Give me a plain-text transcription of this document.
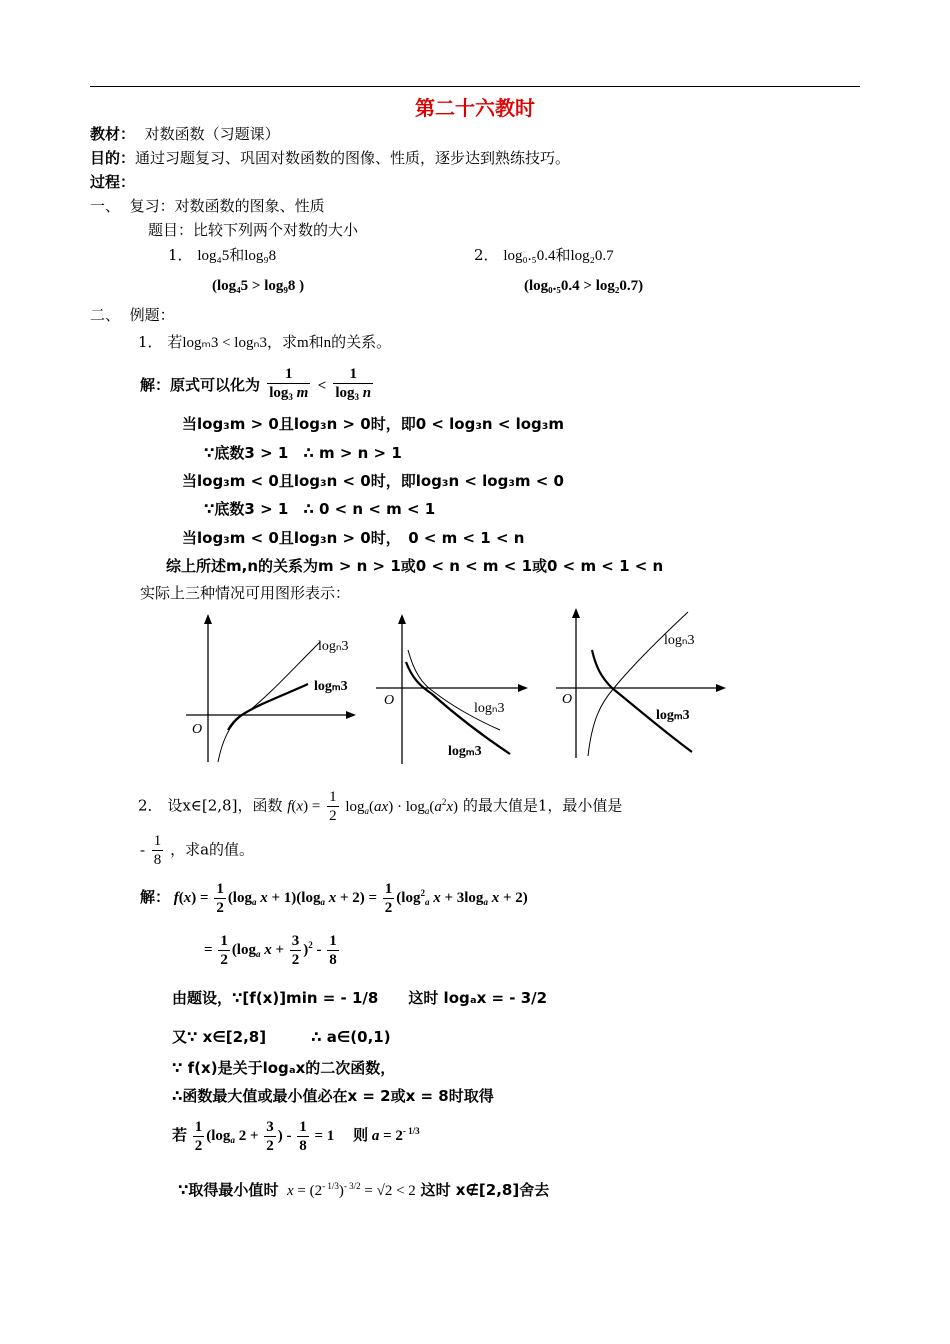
第二十六教时
教材： 对数函数（习题课）
目的：通过习题复习、巩固对数函数的图像、性质，逐步达到熟练技巧。
过程：
一、 复习：对数函数的图象、性质
题目：比较下列两个对数的大小
1． log₄5和log₉8
(log₄5 > log₉8 )
2． log₀.₅0.4和log₂0.7
(log₀.₅0.4 > log₂0.7)
二、 例题：
1． 若logₘ3 < logₙ3，求m和n的关系。
解：原式可以化为 $\frac{1}{\log_3 m} < \frac{1}{\log_3 n}$
当log₃m > 0且log₃n > 0时，即0 < log₃n < log₃m
∵底数3 > 1　∴ m > n > 1
当log₃m < 0且log₃n < 0时，即log₃n < log₃m < 0
∵底数3 > 1　∴ 0 < n < m < 1
当log₃m < 0且log₃n > 0时，　0 < m < 1 < n
综上所述m,n的关系为m > n > 1或0 < n < m < 1或0 < m < 1 < n
实际上三种情况可用图形表示：
O
logₙ3
logₘ3
O
logₙ3
logₘ3
O
logₙ3
logₘ3
2． 设x∈[2,8]，函数 $f(x) = \frac{1}{2} \log_a(ax) \cdot \log_a(a^2x)$ 的最大值是1，最小值是
- $\frac{1}{8}$ ，求a的值。
解： $f(x) = \frac{1}{2} (\log_a$ $x + 1)(\log_a$ $x + 2) = \frac{1}{2} (\log^2_a$ $x + 3\log_a$ x + 2)
= $\frac{1}{2} (\log_a$ $x + \frac{3}{2} )^2 - \frac{1}{8}$
由题设，∵[f(x)]min = - 1/8　　这时 logₐx = - 3/2
又∵ x∈[2,8]　　　∴ a∈(0,1)
∵ f(x)是关于logₐx的二次函数，
∴函数最大值或最小值必在x = 2或x = 8时取得
若 $\frac{1}{2} (\log_a$ $2 + \frac{3}{2}$ ) - $\frac{1}{8} = 1$     则 $a = 2^{- 1/3}$
∵取得最小值时 $x = (2^{- 1/3})^{- 3/2} = √2 < 2$ 这时 x∉[2,8]舍去
